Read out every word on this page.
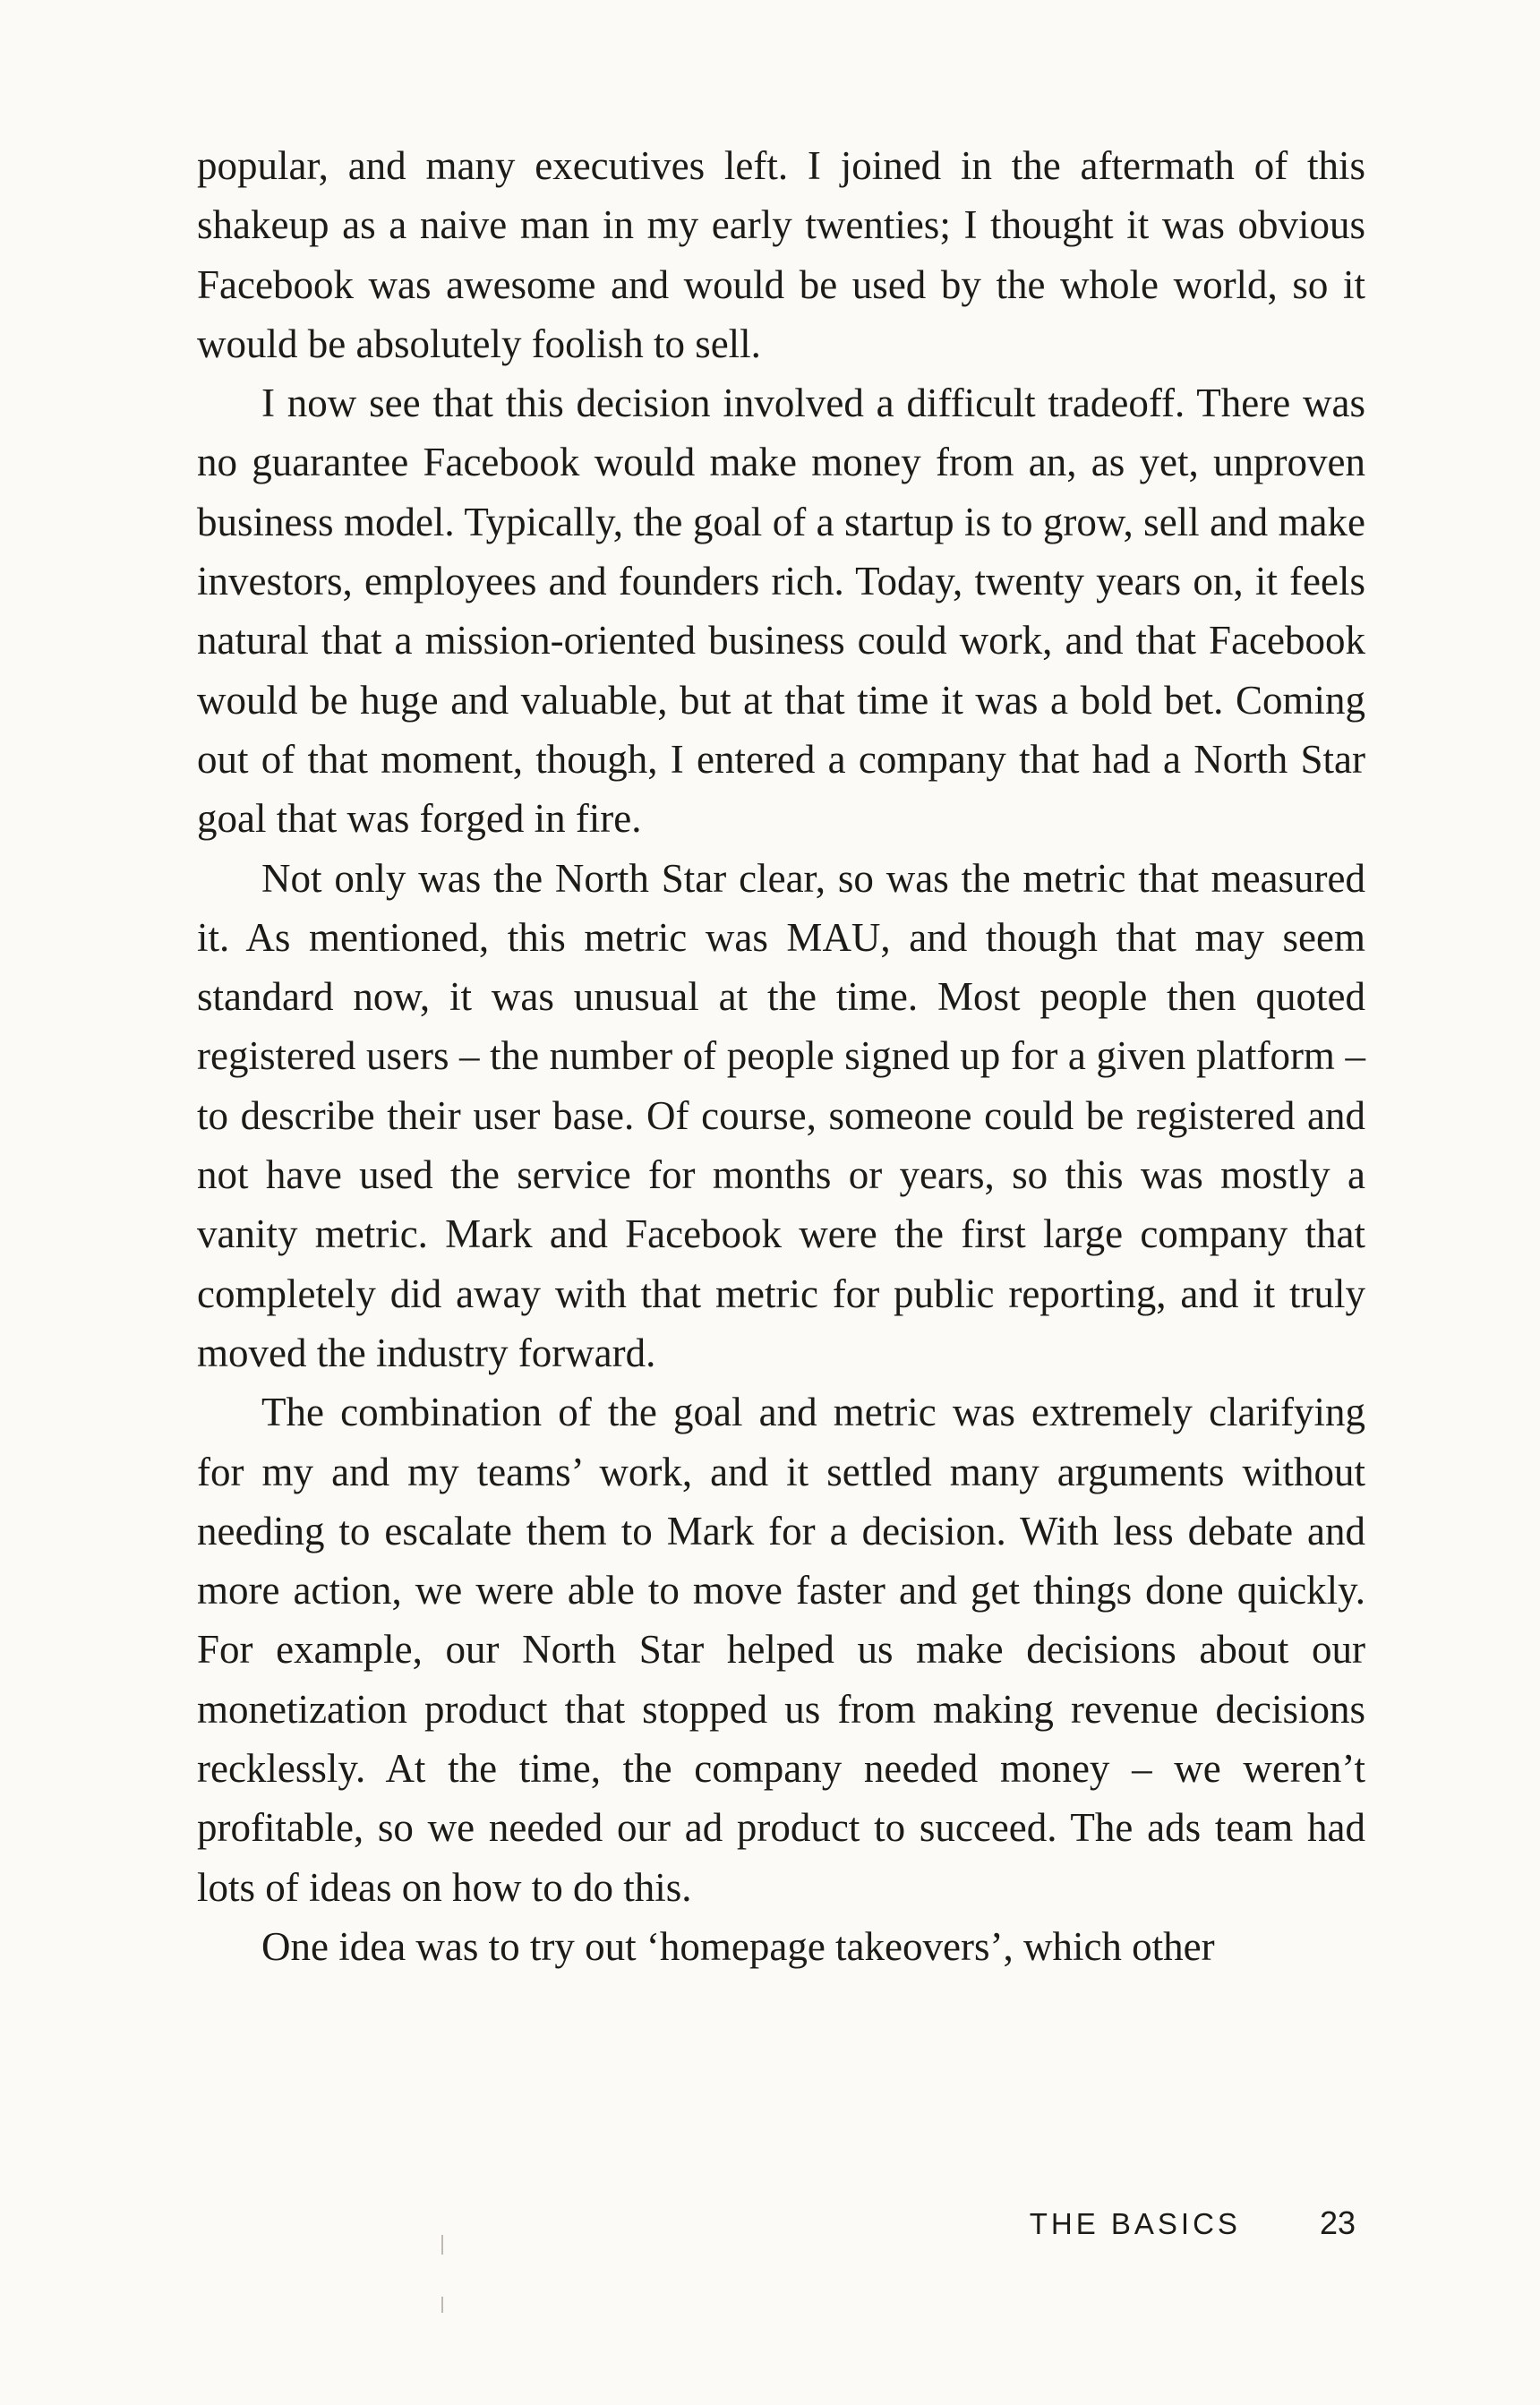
popular, and many executives left. I joined in the aftermath of this shakeup as a naive man in my early twenties; I thought it was obvious Facebook was awesome and would be used by the whole world, so it would be absolutely foolish to sell.

I now see that this decision involved a difficult tradeoff. There was no guarantee Facebook would make money from an, as yet, unproven business model. Typically, the goal of a startup is to grow, sell and make investors, employees and founders rich. Today, twenty years on, it feels natural that a mission-oriented business could work, and that Facebook would be huge and valuable, but at that time it was a bold bet. Coming out of that moment, though, I entered a company that had a North Star goal that was forged in fire.

Not only was the North Star clear, so was the metric that measured it. As mentioned, this metric was MAU, and though that may seem standard now, it was unusual at the time. Most people then quoted registered users – the number of people signed up for a given platform – to describe their user base. Of course, someone could be registered and not have used the service for months or years, so this was mostly a vanity metric. Mark and Facebook were the first large company that completely did away with that metric for public reporting, and it truly moved the industry forward.

The combination of the goal and metric was extremely clarifying for my and my teams’ work, and it settled many arguments without needing to escalate them to Mark for a decision. With less debate and more action, we were able to move faster and get things done quickly. For example, our North Star helped us make decisions about our monetization product that stopped us from making revenue decisions recklessly. At the time, the company needed money – we weren’t profitable, so we needed our ad product to succeed. The ads team had lots of ideas on how to do this.

One idea was to try out ‘homepage takeovers’, which other

THE BASICS 23
